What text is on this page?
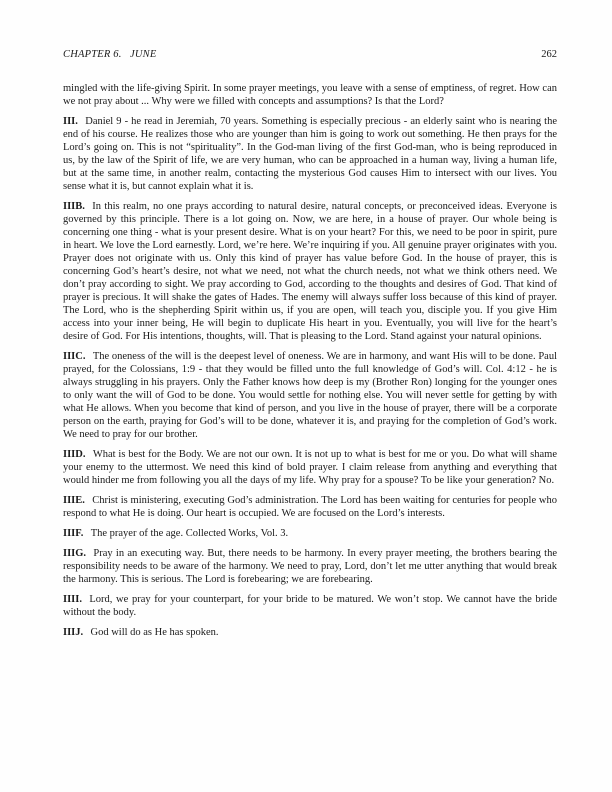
CHAPTER 6. JUNE	262

mingled with the life-giving Spirit. In some prayer meetings, you leave with a sense of emptiness, of regret. How can we not pray about ... Why were we filled with concepts and assumptions? Is that the Lord?

III. Daniel 9 - he read in Jeremiah, 70 years. Something is especially precious - an elderly saint who is nearing the end of his course. He realizes those who are younger than him is going to work out something. He then prays for the Lord’s going on. This is not “spirituality”. In the God-man living of the first God-man, who is being reproduced in us, by the law of the Spirit of life, we are very human, who can be approached in a human way, living a human life, but at the same time, in another realm, contacting the mysterious God causes Him to intersect with our lives. You sense what it is, but cannot explain what it is.

IIIB. In this realm, no one prays according to natural desire, natural concepts, or preconceived ideas. Everyone is governed by this principle. There is a lot going on. Now, we are here, in a house of prayer. Our whole being is concerning one thing - what is your present desire. What is on your heart? For this, we need to be poor in spirit, pure in heart. We love the Lord earnestly. Lord, we’re here. We’re inquiring if you. All genuine prayer originates with you. Prayer does not originate with us. Only this kind of prayer has value before God. In the house of prayer, this is concerning God’s heart’s desire, not what we need, not what the church needs, not what we think others need. We don’t pray according to sight. We pray according to God, according to the thoughts and desires of God. That kind of prayer is precious. It will shake the gates of Hades. The enemy will always suffer loss because of this kind of prayer. The Lord, who is the shepherding Spirit within us, if you are open, will teach you, disciple you. If you give Him access into your inner being, He will begin to duplicate His heart in you. Eventually, you will live for the heart’s desire of God. For His intentions, thoughts, will. That is pleasing to the Lord. Stand against your natural opinions.

IIIC. The oneness of the will is the deepest level of oneness. We are in harmony, and want His will to be done. Paul prayed, for the Colossians, 1:9 - that they would be filled unto the full knowledge of God’s will. Col. 4:12 - he is always struggling in his prayers. Only the Father knows how deep is my (Brother Ron) longing for the younger ones to only want the will of God to be done. You would settle for nothing else. You will never settle for getting by with what He allows. When you become that kind of person, and you live in the house of prayer, there will be a corporate person on the earth, praying for God’s will to be done, whatever it is, and praying for the completion of God’s work. We need to pray for our brother.

IIID. What is best for the Body. We are not our own. It is not up to what is best for me or you. Do what will shame your enemy to the uttermost. We need this kind of bold prayer. I claim release from anything and everything that would hinder me from following you all the days of my life. Why pray for a spouse? To be like your generation? No.

IIIE. Christ is ministering, executing God’s administration. The Lord has been waiting for centuries for people who respond to what He is doing. Our heart is occupied. We are focused on the Lord’s interests.

IIIF. The prayer of the age. Collected Works, Vol. 3.

IIIG. Pray in an executing way. But, there needs to be harmony. In every prayer meeting, the brothers bearing the responsibility needs to be aware of the harmony. We need to pray, Lord, don’t let me utter anything that would break the harmony. This is serious. The Lord is forebearing; we are forebearing.

IIII. Lord, we pray for your counterpart, for your bride to be matured. We won’t stop. We cannot have the bride without the body.

IIIJ. God will do as He has spoken.
